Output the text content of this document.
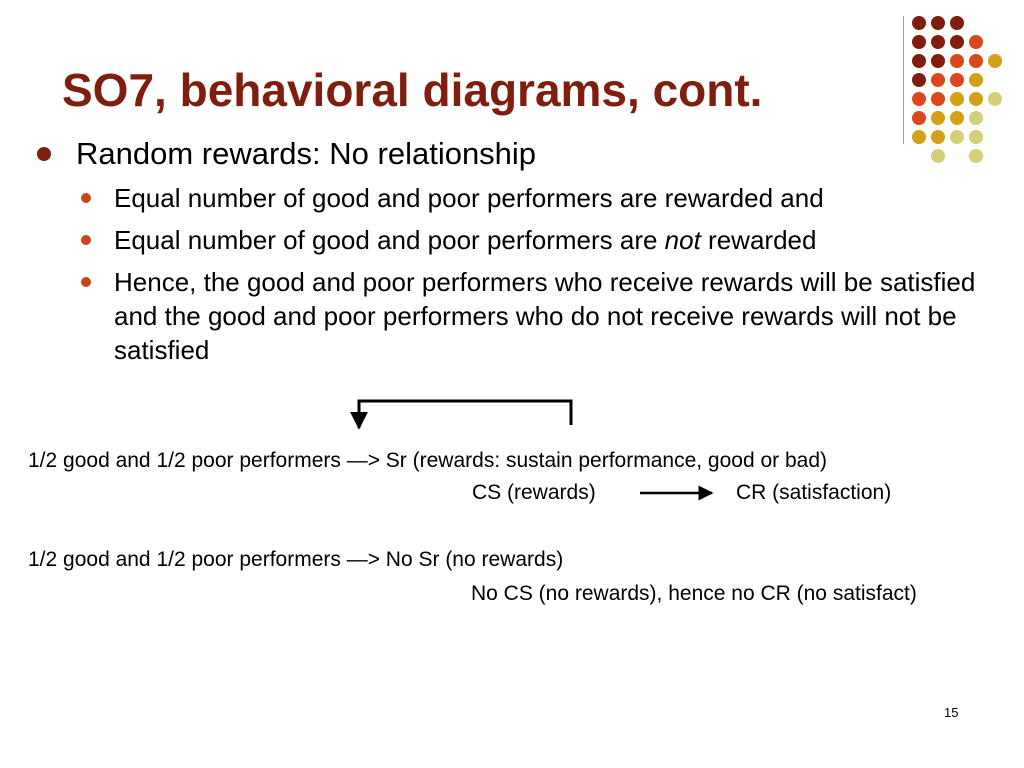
SO7, behavioral diagrams, cont.
Random rewards: No relationship
Equal number of good and poor performers are rewarded and
Equal number of good and poor performers are not rewarded
Hence, the good and poor performers who receive rewards will be satisfied and the good and poor performers who do not receive rewards will not be satisfied
1/2 good and 1/2 poor performers —> Sr (rewards: sustain performance, good or bad)
CS (rewards)	CR (satisfaction)
1/2 good and 1/2 poor performers —> No Sr (no rewards)
No CS (no rewards), hence no CR (no satisfact)
15
